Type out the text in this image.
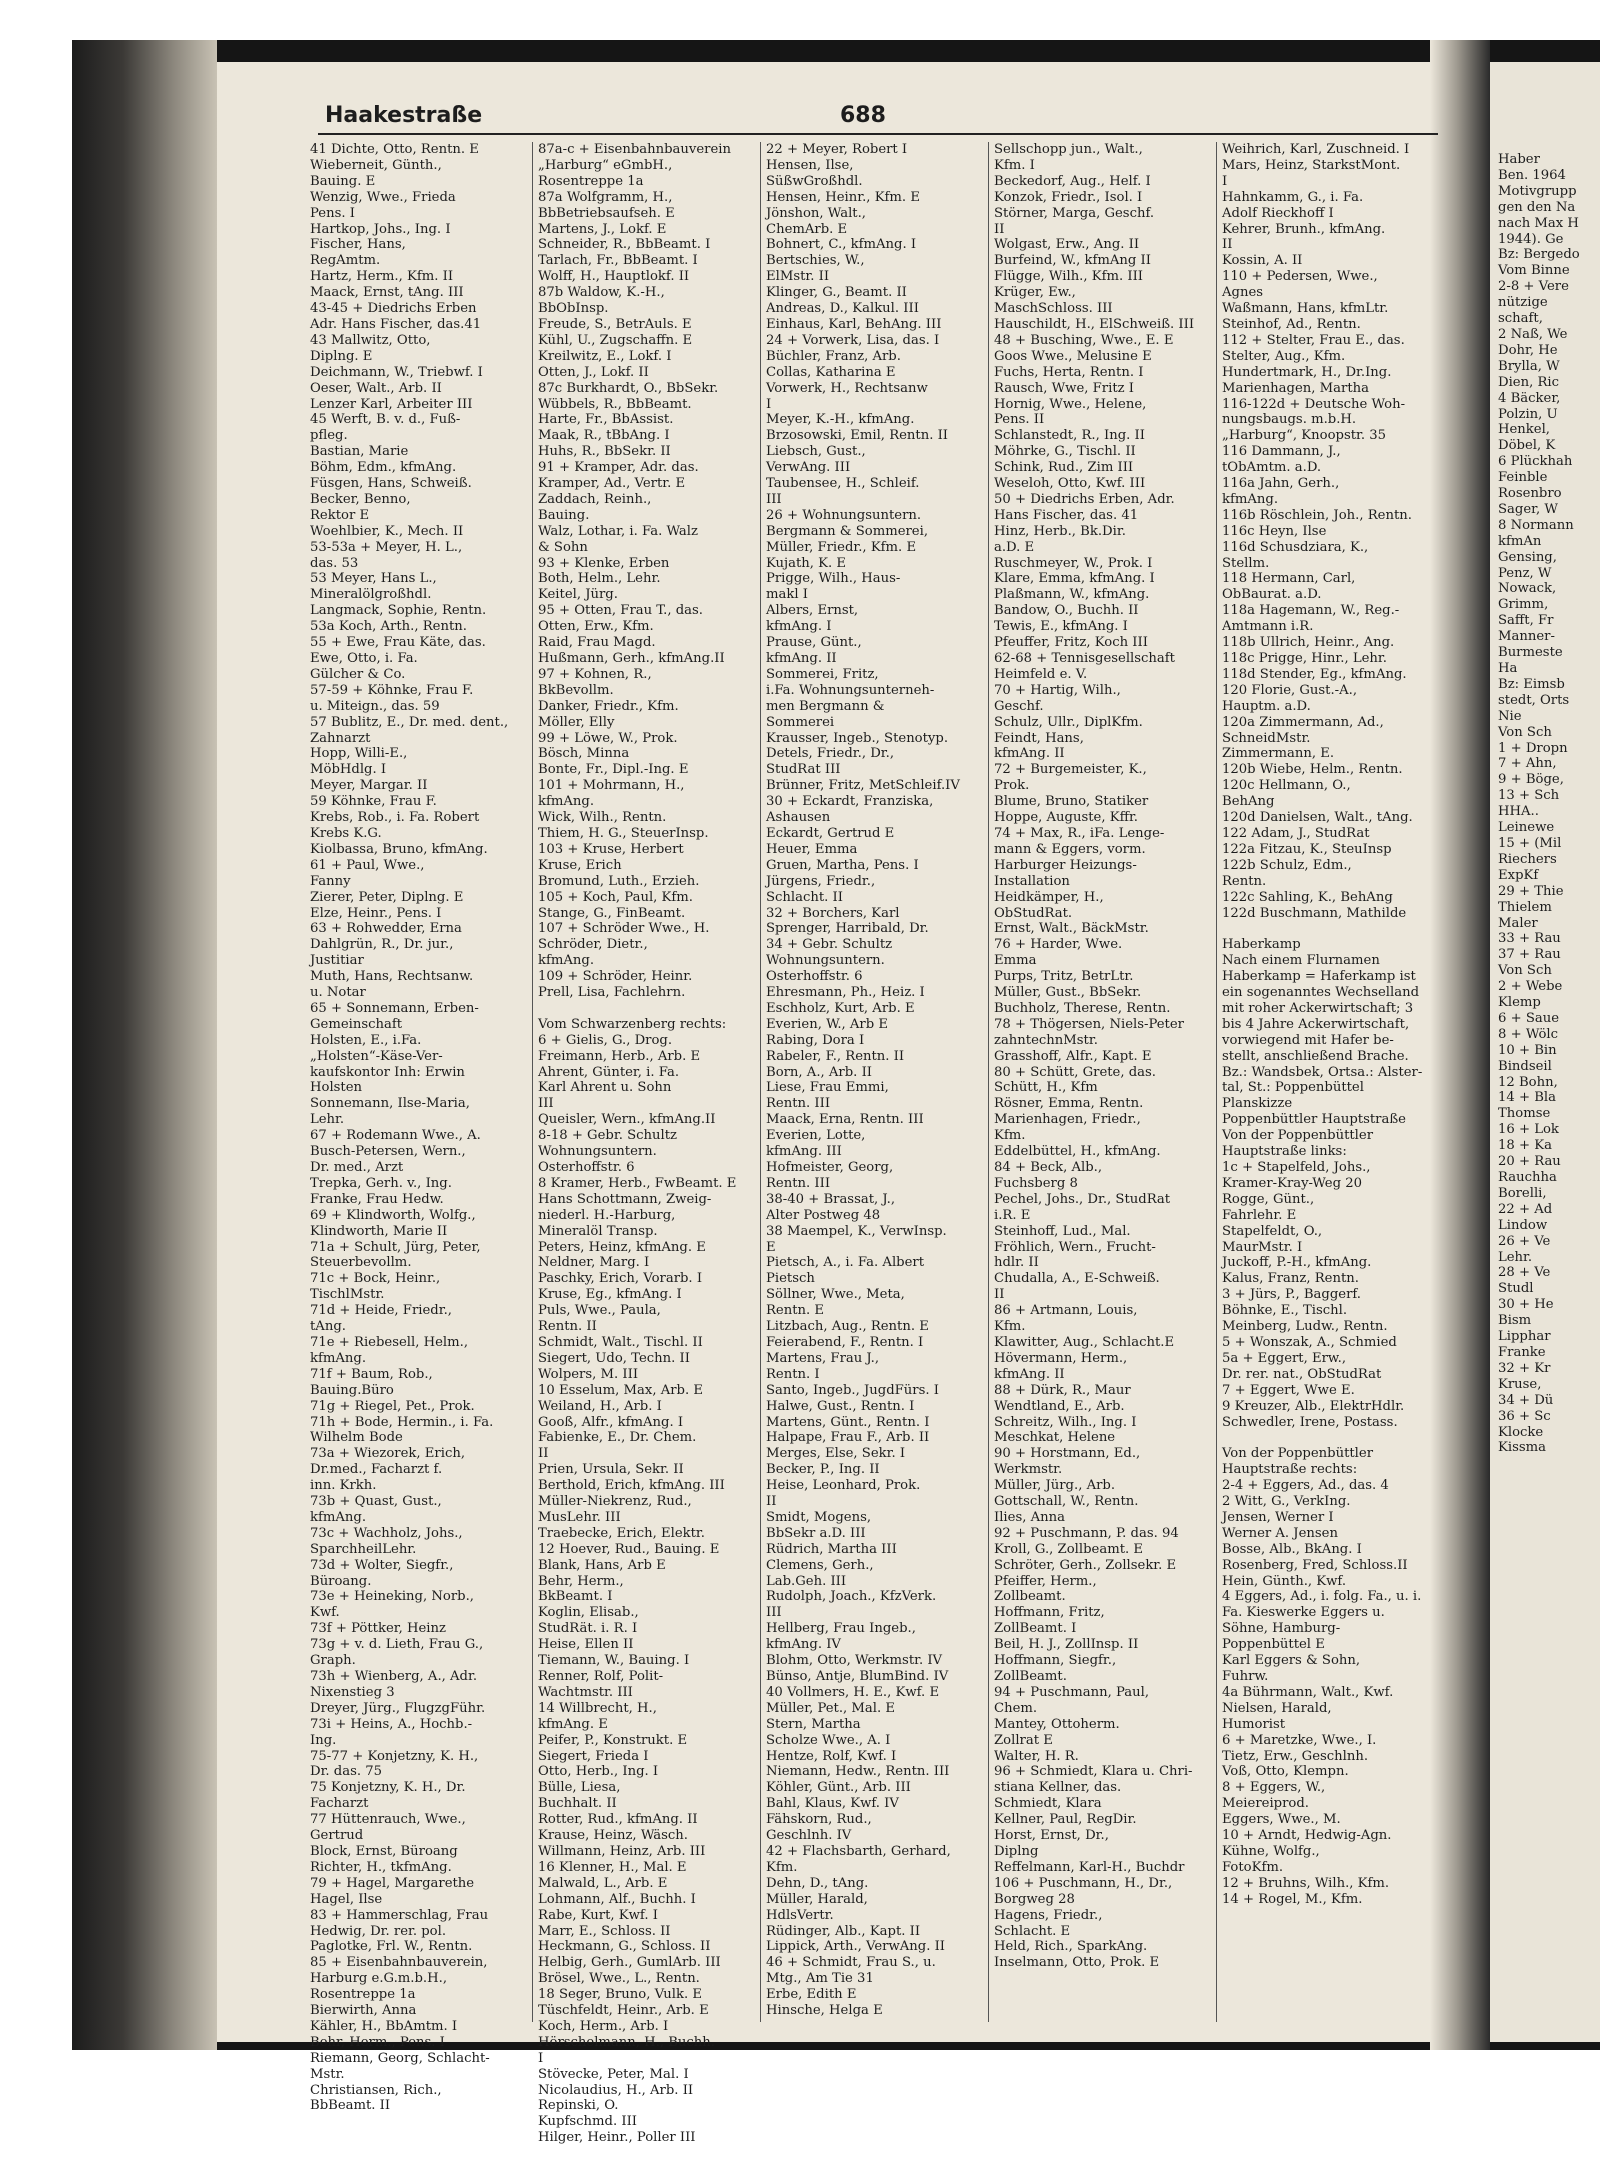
Haakestraße	688
41 Dichte, Otto, Rentn. E
Wieberneit, Günth.,
Bauing. E
Wenzig, Wwe., Frieda
Pens. I
Hartkop, Johs., Ing. I
Fischer, Hans,
RegAmtm.
Hartz, Herm., Kfm. II
Maack, Ernst, tAng. III
43-45 + Diedrichs Erben
Adr. Hans Fischer, das.41
43 Mallwitz, Otto,
Diplng. E
Deichmann, W., Triebwf. I
Oeser, Walt., Arb. II
Lenzer Karl, Arbeiter III
45 Werft, B. v. d., Fuß-
pfleg.
Bastian, Marie
Böhm, Edm., kfmAng.
Füsgen, Hans, Schweiß.
Becker, Benno,
Rektor E
Woehlbier, K., Mech. II
53-53a + Meyer, H. L.,
das. 53
53 Meyer, Hans L.,
Mineralölgroßhdl.
Langmack, Sophie, Rentn.
53a Koch, Arth., Rentn.
55 + Ewe, Frau Käte, das.
Ewe, Otto, i. Fa.
Gülcher & Co.
57-59 + Köhnke, Frau F.
u. Miteign., das. 59
57 Bublitz, E., Dr. med. dent.,
Zahnarzt
Hopp, Willi-E.,
MöbHdlg. I
Meyer, Margar. II
59 Köhnke, Frau F.
Krebs, Rob., i. Fa. Robert
Krebs K.G.
Kiolbassa, Bruno, kfmAng.
61 + Paul, Wwe.,
Fanny
Zierer, Peter, Diplng. E
Elze, Heinr., Pens. I
63 + Rohwedder, Erna
Dahlgrün, R., Dr. jur.,
Justitiar
Muth, Hans, Rechtsanw.
u. Notar
65 + Sonnemann, Erben-
Gemeinschaft
Holsten, E., i.Fa.
„Holsten“-Käse-Ver-
kaufskontor Inh: Erwin
Holsten
Sonnemann, Ilse-Maria,
Lehr.
67 + Rodemann Wwe., A.
Busch-Petersen, Wern.,
Dr. med., Arzt
Trepka, Gerh. v., Ing.
Franke, Frau Hedw.
69 + Klindworth, Wolfg.,
Klindworth, Marie II
71a + Schult, Jürg, Peter,
Steuerbevollm.
71c + Bock, Heinr.,
TischlMstr.
71d + Heide, Friedr.,
tAng.
71e + Riebesell, Helm.,
kfmAng.
71f + Baum, Rob.,
Bauing.Büro
71g + Riegel, Pet., Prok.
71h + Bode, Hermin., i. Fa.
Wilhelm Bode
73a + Wiezorek, Erich,
Dr.med., Facharzt f.
inn. Krkh.
73b + Quast, Gust.,
kfmAng.
73c + Wachholz, Johs.,
SparchheilLehr.
73d + Wolter, Siegfr.,
Büroang.
73e + Heineking, Norb.,
Kwf.
73f + Pöttker, Heinz
73g + v. d. Lieth, Frau G.,
Graph.
73h + Wienberg, A., Adr.
Nixenstieg 3
Dreyer, Jürg., FlugzgFühr.
73i + Heins, A., Hochb.-
Ing.
75-77 + Konjetzny, K. H.,
Dr. das. 75
75 Konjetzny, K. H., Dr.
Facharzt
77 Hüttenrauch, Wwe.,
Gertrud
Block, Ernst, Büroang
Richter, H., tkfmAng.
79 + Hagel, Margarethe
Hagel, Ilse
83 + Hammerschlag, Frau
Hedwig, Dr. rer. pol.
Paglotke, Frl. W., Rentn.
85 + Eisenbahnbauverein,
Harburg e.G.m.b.H.,
Rosentreppe 1a
Bierwirth, Anna
Kähler, H., BbAmtm. I
Behr, Herm., Pens. I
Riemann, Georg, Schlacht-
Mstr.
Christiansen, Rich.,
BbBeamt. II
87a-c + Eisenbahnbauverein
„Harburg“ eGmbH.,
Rosentreppe 1a
87a Wolfgramm, H.,
BbBetriebsaufseh. E
Martens, J., Lokf. E
Schneider, R., BbBeamt. I
Tarlach, Fr., BbBeamt. I
Wolff, H., Hauptlokf. II
87b Waldow, K.-H.,
BbObInsp.
Freude, S., BetrAuls. E
Kühl, U., Zugschaffn. E
Kreilwitz, E., Lokf. I
Otten, J., Lokf. II
87c Burkhardt, O., BbSekr.
Wübbels, R., BbBeamt.
Harte, Fr., BbAssist.
Maak, R., tBbAng. I
Huhs, R., BbSekr. II
91 + Kramper, Adr. das.
Kramper, Ad., Vertr. E
Zaddach, Reinh.,
Bauing.
Walz, Lothar, i. Fa. Walz
& Sohn
93 + Klenke, Erben
Both, Helm., Lehr.
Keitel, Jürg.
95 + Otten, Frau T., das.
Otten, Erw., Kfm.
Raid, Frau Magd.
Hußmann, Gerh., kfmAng.II
97 + Kohnen, R.,
BkBevollm.
Danker, Friedr., Kfm.
Möller, Elly
99 + Löwe, W., Prok.
Bösch, Minna
Bonte, Fr., Dipl.-Ing. E
101 + Mohrmann, H.,
kfmAng.
Wick, Wilh., Rentn.
Thiem, H. G., SteuerInsp.
103 + Kruse, Herbert
Kruse, Erich
Bromund, Luth., Erzieh.
105 + Koch, Paul, Kfm.
Stange, G., FinBeamt.
107 + Schröder Wwe., H.
Schröder, Dietr.,
kfmAng.
109 + Schröder, Heinr.
Prell, Lisa, Fachlehrn.

Vom Schwarzenberg rechts:
6 + Gielis, G., Drog.
Freimann, Herb., Arb. E
Ahrent, Günter, i. Fa.
Karl Ahrent u. Sohn
III
Queisler, Wern., kfmAng.II
8-18 + Gebr. Schultz
Wohnungsuntern.
Osterhoffstr. 6
8 Kramer, Herb., FwBeamt. E
Hans Schottmann, Zweig-
niederl. H.-Harburg,
Mineralöl Transp.
Peters, Heinz, kfmAng. E
Neldner, Marg. I
Paschky, Erich, Vorarb. I
Kruse, Eg., kfmAng. I
Puls, Wwe., Paula,
Rentn. II
Schmidt, Walt., Tischl. II
Siegert, Udo, Techn. II
Wolpers, M. III
10 Esselum, Max, Arb. E
Weiland, H., Arb. I
Gooß, Alfr., kfmAng. I
Fabienke, E., Dr. Chem.
II
Prien, Ursula, Sekr. II
Berthold, Erich, kfmAng. III
Müller-Niekrenz, Rud.,
MusLehr. III
Traebecke, Erich, Elektr.
12 Hoever, Rud., Bauing. E
Blank, Hans, Arb E
Behr, Herm.,
BkBeamt. I
Koglin, Elisab.,
StudRät. i. R. I
Heise, Ellen II
Tiemann, W., Bauing. I
Renner, Rolf, Polit-
Wachtmstr. III
14 Willbrecht, H.,
kfmAng. E
Peifer, P., Konstrukt. E
Siegert, Frieda I
Otto, Herb., Ing. I
Bülle, Liesa,
Buchhalt. II
Rotter, Rud., kfmAng. II
Krause, Heinz, Wäsch.
Willmann, Heinz, Arb. III
16 Klenner, H., Mal. E
Malwald, L., Arb. E
Lohmann, Alf., Buchh. I
Rabe, Kurt, Kwf. I
Marr, E., Schloss. II
Heckmann, G., Schloss. II
Helbig, Gerh., GumlArb. III
Brösel, Wwe., L., Rentn.
18 Seger, Bruno, Vulk. E
Tüschfeldt, Heinr., Arb. E
Koch, Herm., Arb. I
Hörschelmann, H., Buchh.
I
Stövecke, Peter, Mal. I
Nicolaudius, H., Arb. II
Repinski, O.
Kupfschmd. III
Hilger, Heinr., Poller III
22 + Meyer, Robert I
Hensen, Ilse,
SüßwGroßhdl.
Hensen, Heinr., Kfm. E
Jönshon, Walt.,
ChemArb. E
Bohnert, C., kfmAng. I
Bertschies, W.,
ElMstr. II
Klinger, G., Beamt. II
Andreas, D., Kalkul. III
Einhaus, Karl, BehAng. III
24 + Vorwerk, Lisa, das. I
Büchler, Franz, Arb.
Collas, Katharina E
Vorwerk, H., Rechtsanw
I
Meyer, K.-H., kfmAng.
Brzosowski, Emil, Rentn. II
Liebsch, Gust.,
VerwAng. III
Taubensee, H., Schleif.
III
26 + Wohnungsuntern.
Bergmann & Sommerei,
Müller, Friedr., Kfm. E
Kujath, K. E
Prigge, Wilh., Haus-
makl I
Albers, Ernst,
kfmAng. I
Prause, Günt.,
kfmAng. II
Sommerei, Fritz,
i.Fa. Wohnungsunterneh-
men Bergmann &
Sommerei
Krausser, Ingeb., Stenotyp.
Detels, Friedr., Dr.,
StudRat III
Brünner, Fritz, MetSchleif.IV
30 + Eckardt, Franziska,
Ashausen
Eckardt, Gertrud E
Heuer, Emma
Gruen, Martha, Pens. I
Jürgens, Friedr.,
Schlacht. II
32 + Borchers, Karl
Sprenger, Harribald, Dr.
34 + Gebr. Schultz
Wohnungsuntern.
Osterhoffstr. 6
Ehresmann, Ph., Heiz. I
Eschholz, Kurt, Arb. E
Everien, W., Arb E
Rabing, Dora I
Rabeler, F., Rentn. II
Born, A., Arb. II
Liese, Frau Emmi,
Rentn. III
Maack, Erna, Rentn. III
Everien, Lotte,
kfmAng. III
Hofmeister, Georg,
Rentn. III
38-40 + Brassat, J.,
Alter Postweg 48
38 Maempel, K., VerwInsp.
E
Pietsch, A., i. Fa. Albert
Pietsch
Söllner, Wwe., Meta,
Rentn. E
Litzbach, Aug., Rentn. E
Feierabend, F., Rentn. I
Martens, Frau J.,
Rentn. I
Santo, Ingeb., JugdFürs. I
Halwe, Gust., Rentn. I
Martens, Günt., Rentn. I
Halpape, Frau F., Arb. II
Merges, Else, Sekr. I
Becker, P., Ing. II
Heise, Leonhard, Prok.
II
Smidt, Mogens,
BbSekr a.D. III
Rüdrich, Martha III
Clemens, Gerh.,
Lab.Geh. III
Rudolph, Joach., KfzVerk.
III
Hellberg, Frau Ingeb.,
kfmAng. IV
Blohm, Otto, Werkmstr. IV
Bünso, Antje, BlumBind. IV
40 Vollmers, H. E., Kwf. E
Müller, Pet., Mal. E
Stern, Martha
Scholze Wwe., A. I
Hentze, Rolf, Kwf. I
Niemann, Hedw., Rentn. III
Köhler, Günt., Arb. III
Bahl, Klaus, Kwf. IV
Fähskorn, Rud.,
Geschlnh. IV
42 + Flachsbarth, Gerhard,
Kfm.
Dehn, D., tAng.
Müller, Harald,
HdlsVertr.
Rüdinger, Alb., Kapt. II
Lippick, Arth., VerwAng. II
46 + Schmidt, Frau S., u.
Mtg., Am Tie 31
Erbe, Edith E
Hinsche, Helga E
Sellschopp jun., Walt.,
Kfm. I
Beckedorf, Aug., Helf. I
Konzok, Friedr., Isol. I
Störner, Marga, Geschf.
II
Wolgast, Erw., Ang. II
Burfeind, W., kfmAng II
Flügge, Wilh., Kfm. III
Krüger, Ew.,
MaschSchloss. III
Hauschildt, H., ElSchweiß. III
48 + Busching, Wwe., E. E
Goos Wwe., Melusine E
Fuchs, Herta, Rentn. I
Rausch, Wwe, Fritz I
Hornig, Wwe., Helene,
Pens. II
Schlanstedt, R., Ing. II
Möhrke, G., Tischl. II
Schink, Rud., Zim III
Weseloh, Otto, Kwf. III
50 + Diedrichs Erben, Adr.
Hans Fischer, das. 41
Hinz, Herb., Bk.Dir.
a.D. E
Ruschmeyer, W., Prok. I
Klare, Emma, kfmAng. I
Plaßmann, W., kfmAng.
Bandow, O., Buchh. II
Tewis, E., kfmAng. I
Pfeuffer, Fritz, Koch III
62-68 + Tennisgesellschaft
Heimfeld e. V.
70 + Hartig, Wilh.,
Geschf.
Schulz, Ullr., DiplKfm.
Feindt, Hans,
kfmAng. II
72 + Burgemeister, K.,
Prok.
Blume, Bruno, Statiker
Hoppe, Auguste, Kffr.
74 + Max, R., iFa. Lenge-
mann & Eggers, vorm.
Harburger Heizungs-
Installation
Heidkämper, H.,
ObStudRat.
Ernst, Walt., BäckMstr.
76 + Harder, Wwe.
Emma
Purps, Tritz, BetrLtr.
Müller, Gust., BbSekr.
Buchholz, Therese, Rentn.
78 + Thögersen, Niels-Peter
zahntechnMstr.
Grasshoff, Alfr., Kapt. E
80 + Schütt, Grete, das.
Schütt, H., Kfm
Rösner, Emma, Rentn.
Marienhagen, Friedr.,
Kfm.
Eddelbüttel, H., kfmAng.
84 + Beck, Alb.,
Fuchsberg 8
Pechel, Johs., Dr., StudRat
i.R. E
Steinhoff, Lud., Mal.
Fröhlich, Wern., Frucht-
hdlr. II
Chudalla, A., E-Schweiß.
II
86 + Artmann, Louis,
Kfm.
Klawitter, Aug., Schlacht.E
Hövermann, Herm.,
kfmAng. II
88 + Dürk, R., Maur
Wendtland, E., Arb.
Schreitz, Wilh., Ing. I
Meschkat, Helene
90 + Horstmann, Ed.,
Werkmstr.
Müller, Jürg., Arb.
Gottschall, W., Rentn.
Ilies, Anna
92 + Puschmann, P. das. 94
Kroll, G., Zollbeamt. E
Schröter, Gerh., Zollsekr. E
Pfeiffer, Herm.,
Zollbeamt.
Hoffmann, Fritz,
ZollBeamt. I
Beil, H. J., ZollInsp. II
Hoffmann, Siegfr.,
ZollBeamt.
94 + Puschmann, Paul,
Chem.
Mantey, Ottoherm.
Zollrat E
Walter, H. R.
96 + Schmiedt, Klara u. Chri-
stiana Kellner, das.
Schmiedt, Klara
Kellner, Paul, RegDir.
Horst, Ernst, Dr.,
Diplng
Reffelmann, Karl-H., Buchdr
106 + Puschmann, H., Dr.,
Borgweg 28
Hagens, Friedr.,
Schlacht. E
Held, Rich., SparkAng.
Inselmann, Otto, Prok. E
Weihrich, Karl, Zuschneid. I
Mars, Heinz, StarkstMont.
I
Hahnkamm, G., i. Fa.
Adolf Rieckhoff I
Kehrer, Brunh., kfmAng.
II
Kossin, A. II
110 + Pedersen, Wwe.,
Agnes
Waßmann, Hans, kfmLtr.
Steinhof, Ad., Rentn.
112 + Stelter, Frau E., das.
Stelter, Aug., Kfm.
Hundertmark, H., Dr.Ing.
Marienhagen, Martha
116-122d + Deutsche Woh-
nungsbaugs. m.b.H.
„Harburg“, Knoopstr. 35
116 Dammann, J.,
tObAmtm. a.D.
116a Jahn, Gerh.,
kfmAng.
116b Röschlein, Joh., Rentn.
116c Heyn, Ilse
116d Schusdziara, K.,
Stellm.
118 Hermann, Carl,
ObBaurat. a.D.
118a Hagemann, W., Reg.-
Amtmann i.R.
118b Ullrich, Heinr., Ang.
118c Prigge, Hinr., Lehr.
118d Stender, Eg., kfmAng.
120 Florie, Gust.-A.,
Hauptm. a.D.
120a Zimmermann, Ad.,
SchneidMstr.
Zimmermann, E.
120b Wiebe, Helm., Rentn.
120c Hellmann, O.,
BehAng
120d Danielsen, Walt., tAng.
122 Adam, J., StudRat
122a Fitzau, K., SteuInsp
122b Schulz, Edm.,
Rentn.
122c Sahling, K., BehAng
122d Buschmann, Mathilde

Haberkamp
Nach einem Flurnamen
Haberkamp = Haferkamp ist
ein sogenanntes Wechselland
mit roher Ackerwirtschaft; 3
bis 4 Jahre Ackerwirtschaft,
vorwiegend mit Hafer be-
stellt, anschließend Brache.
Bz.: Wandsbek, Ortsa.: Alster-
tal, St.: Poppenbüttel
Planskizze
Poppenbüttler Hauptstraße
Von der Poppenbüttler
Hauptstraße links:
1c + Stapelfeld, Johs.,
Kramer-Kray-Weg 20
Rogge, Günt.,
Fahrlehr. E
Stapelfeldt, O.,
MaurMstr. I
Juckoff, P.-H., kfmAng.
Kalus, Franz, Rentn.
3 + Jürs, P., Baggerf.
Böhnke, E., Tischl.
Meinberg, Ludw., Rentn.
5 + Wonszak, A., Schmied
5a + Eggert, Erw.,
Dr. rer. nat., ObStudRat
7 + Eggert, Wwe E.
9 Kreuzer, Alb., ElektrHdlr.
Schwedler, Irene, Postass.

Von der Poppenbüttler
Hauptstraße rechts:
2-4 + Eggers, Ad., das. 4
2 Witt, G., VerkIng.
Jensen, Werner I
Werner A. Jensen
Bosse, Alb., BkAng. I
Rosenberg, Fred, Schloss.II
Hein, Günth., Kwf.
4 Eggers, Ad., i. folg. Fa., u. i.
Fa. Kieswerke Eggers u.
Söhne, Hamburg-
Poppenbüttel E
Karl Eggers & Sohn,
Fuhrw.
4a Bührmann, Walt., Kwf.
Nielsen, Harald,
Humorist
6 + Maretzke, Wwe., I.
Tietz, Erw., Geschlnh.
Voß, Otto, Klempn.
8 + Eggers, W.,
Meiereiprod.
Eggers, Wwe., M.
10 + Arndt, Hedwig-Agn.
Kühne, Wolfg.,
FotoKfm.
12 + Bruhns, Wilh., Kfm.
14 + Rogel, M., Kfm.
Haber
Ben. 1964
Motivgrupp
gen den Na
nach Max H
1944). Ge
Bz: Bergedo
Vom Binne
2-8 + Vere
nützige
schaft,
2 Naß, We
Dohr, He
Brylla, W
Dien, Ric
4 Bäcker,
Polzin, U
Henkel,
Döbel, K
6 Plückhah
Feinble
Rosenbro
Sager, W
8 Normann
kfmAn
Gensing,
Penz, W
Nowack,
Grimm,
Safft, Fr
Manner-
Burmeste
Ha
Bz: Eimsb
stedt, Orts
Nie
Von Sch
1 + Dropn
7 + Ahn,
9 + Böge,
13 + Sch
HHA..
Leinewe
15 + (Mil
Riechers
ExpKf
29 + Thie
Thielem
Maler
33 + Rau
37 + Rau
Von Sch
2 + Webe
Klemp
6 + Saue
8 + Wölc
10 + Bin
Bindseil
12 Bohn,
14 + Bla
Thomse
16 + Lok
18 + Ka
20 + Rau
Rauchha
Borelli,
22 + Ad
Lindow
26 + Ve
Lehr.
28 + Ve
Studl
30 + He
Bism
Lipphar
Franke
32 + Kr
Kruse,
34 + Dü
36 + Sc
Klocke
Kissma
